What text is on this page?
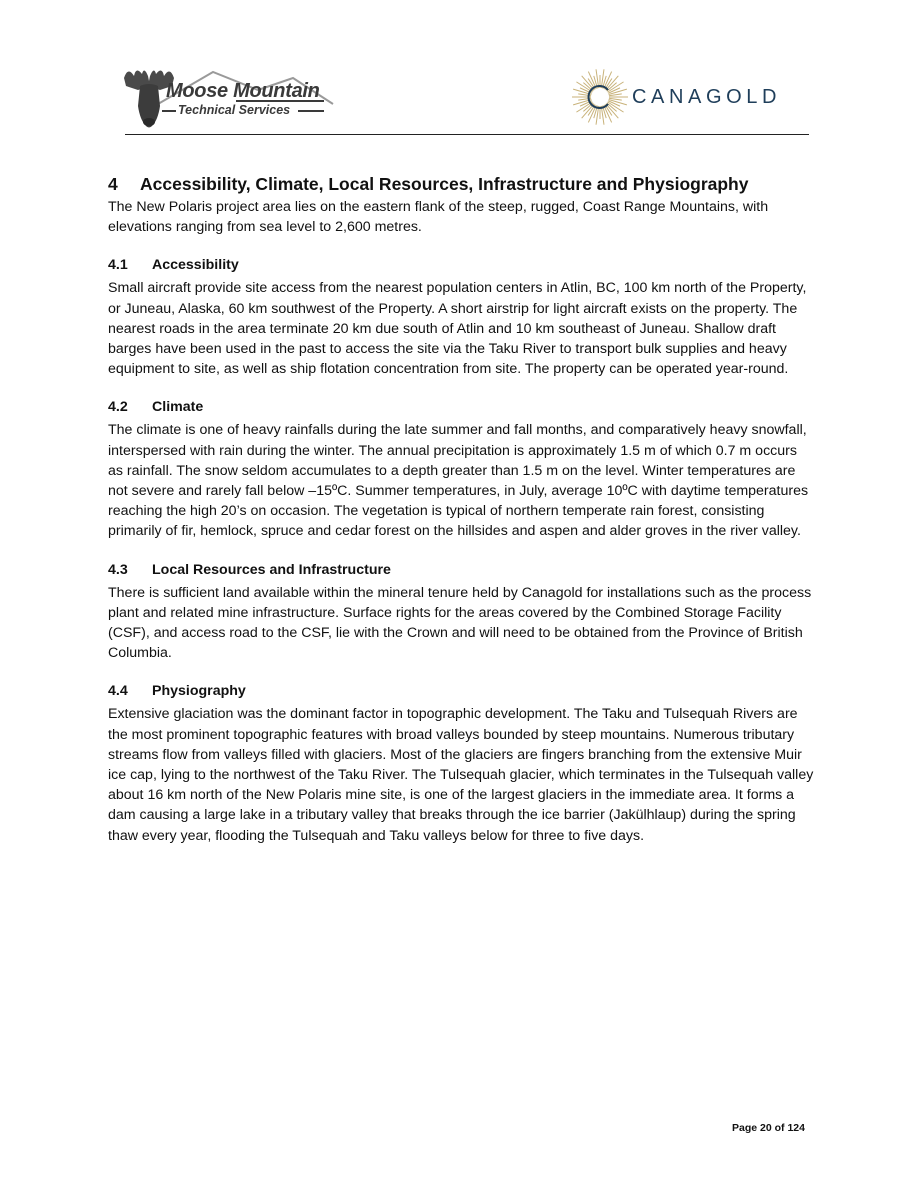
Moose Mountain
Technical Services
CANAGOLD
4 Accessibility, Climate, Local Resources, Infrastructure and Physiography

The New Polaris project area lies on the eastern flank of the steep, rugged, Coast Range Mountains, with elevations ranging from sea level to 2,600 metres.

4.1 Accessibility

Small aircraft provide site access from the nearest population centers in Atlin, BC, 100 km north of the Property, or Juneau, Alaska, 60 km southwest of the Property. A short airstrip for light aircraft exists on the property. The nearest roads in the area terminate 20 km due south of Atlin and 10 km southeast of Juneau. Shallow draft barges have been used in the past to access the site via the Taku River to transport bulk supplies and heavy equipment to site, as well as ship flotation concentration from site. The property can be operated year-round.

4.2 Climate

The climate is one of heavy rainfalls during the late summer and fall months, and comparatively heavy snowfall, interspersed with rain during the winter. The annual precipitation is approximately 1.5 m of which 0.7 m occurs as rainfall. The snow seldom accumulates to a depth greater than 1.5 m on the level. Winter temperatures are not severe and rarely fall below –15ºC. Summer temperatures, in July, average 10ºC with daytime temperatures reaching the high 20’s on occasion. The vegetation is typical of northern temperate rain forest, consisting primarily of fir, hemlock, spruce and cedar forest on the hillsides and aspen and alder groves in the river valley.

4.3 Local Resources and Infrastructure

There is sufficient land available within the mineral tenure held by Canagold for installations such as the process plant and related mine infrastructure. Surface rights for the areas covered by the Combined Storage Facility (CSF), and access road to the CSF, lie with the Crown and will need to be obtained from the Province of British Columbia.

4.4 Physiography

Extensive glaciation was the dominant factor in topographic development. The Taku and Tulsequah Rivers are the most prominent topographic features with broad valleys bounded by steep mountains. Numerous tributary streams flow from valleys filled with glaciers. Most of the glaciers are fingers branching from the extensive Muir ice cap, lying to the northwest of the Taku River. The Tulsequah glacier, which terminates in the Tulsequah valley about 16 km north of the New Polaris mine site, is one of the largest glaciers in the immediate area. It forms a dam causing a large lake in a tributary valley that breaks through the ice barrier (Jakülhlaup) during the spring thaw every year, flooding the Tulsequah and Taku valleys below for three to five days.

Page 20 of 124
